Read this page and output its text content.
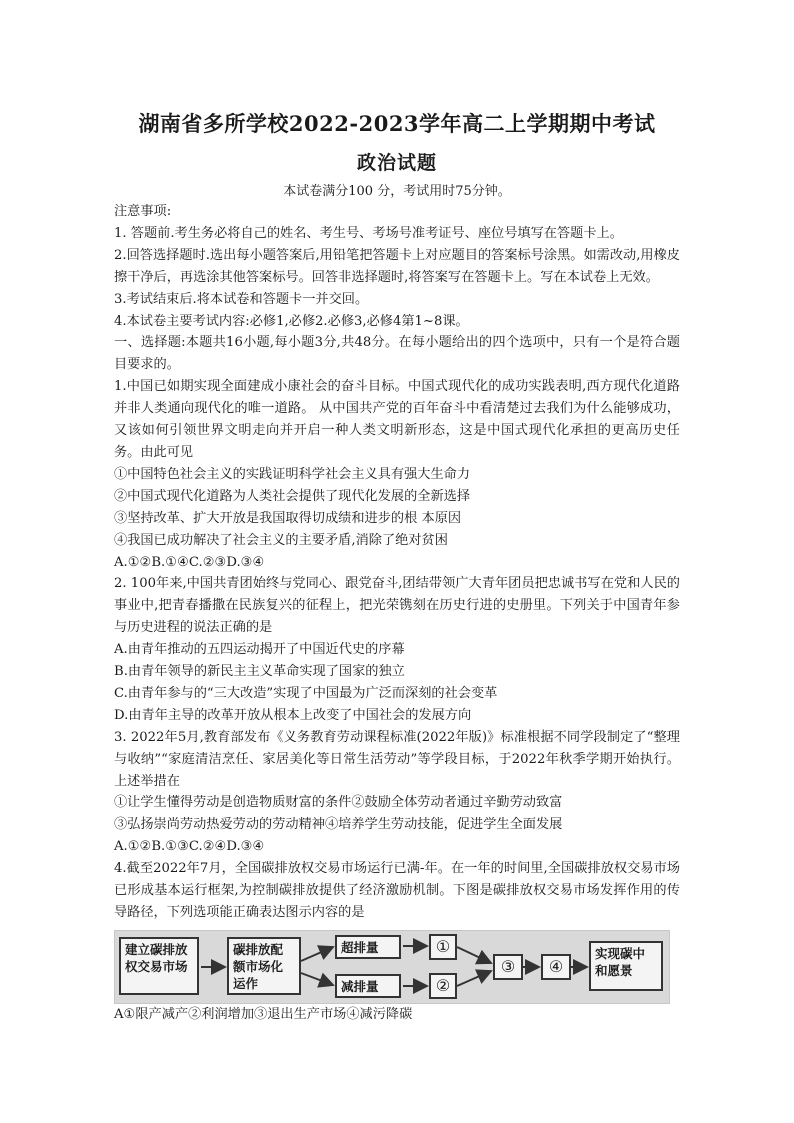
湖南省多所学校2022-2023学年高二上学期期中考试
政治试题
本试卷满分100 分，考试用时75分钟。

注意事项:

1. 答题前.考生务必将自己的姓名、考生号、考场号准考证号、座位号填写在答题卡上。

2.回答选择题时.选出每小题答案后,用铅笔把答题卡上对应题目的答案标号涂黑。如需改动,用橡皮擦干净后，再选涂其他答案标号。回答非选择题时,将答案写在答题卡上。写在本试卷上无效。

3.考试结束后.将本试卷和答题卡一并交回。

4.本试卷主要考试内容:必修1,必修2.必修3,必修4第1~8课。

一、选择题:本题共16小题,每小题3分,共48分。在每小题给出的四个选项中，只有一个是符合题目要求的。

1.中国已如期实现全面建成小康社会的奋斗目标。中国式现代化的成功实践表明,西方现代化道路并非人类通向现代化的唯一道路。 从中国共产党的百年奋斗中看清楚过去我们为什么能够成功，又该如何引领世界文明走向并开启一种人类文明新形态，这是中国式现代化承担的更高历史任务。由此可见

①中国特色社会主义的实践证明科学社会主义具有强大生命力

②中国式现代化道路为人类社会提供了现代化发展的全新选择

③坚持改革、扩大开放是我国取得切成绩和进步的根 本原因

④我国已成功解决了社会主义的主要矛盾,消除了绝对贫困

A.①②B.①④C.②③D.③④

2. 100年来,中国共青团始终与党同心、跟党奋斗,团结带领广大青年团员把忠诚书写在党和人民的事业中,把青春播撒在民族复兴的征程上，把光荣镌刻在历史行进的史册里。下列关于中国青年参与历史进程的说法正确的是

A.由青年推动的五四运动揭开了中国近代史的序幕

B.由青年领导的新民主主义革命实现了国家的独立

C.由青年参与的“三大改造”实现了中国最为广泛而深刻的社会变革

D.由青年主导的改革开放从根本上改变了中国社会的发展方向

3. 2022年5月,教育部发布《义务教育劳动课程标准(2022年版)》标准根据不同学段制定了“整理与收纳”“家庭清洁烹任、家居美化等日常生活劳动”等学段目标，于2022年秋季学期开始执行。上述举措在

①让学生懂得劳动是创造物质财富的条件②鼓励全体劳动者通过辛勤劳动致富

③弘扬崇尚劳动热爱劳动的劳动精神④培养学生劳动技能，促进学生全面发展

A.①②B.①③C.②④D.③④

4.截至2022年7月，全国碳排放权交易市场运行已满-年。在一年的时间里,全国碳排放权交易市场已形成基本运行框架,为控制碳排放提供了经济激励机制。下图是碳排放权交易市场发挥作用的传导路径，下列选项能正确表达图示内容的是

建立碳排放权交易市场
碳排放配额市场化运作
超排量
减排量
①
②
③	④
实现碳中和愿景

A①限产减产②利润增加③退出生产市场④减污降碳
